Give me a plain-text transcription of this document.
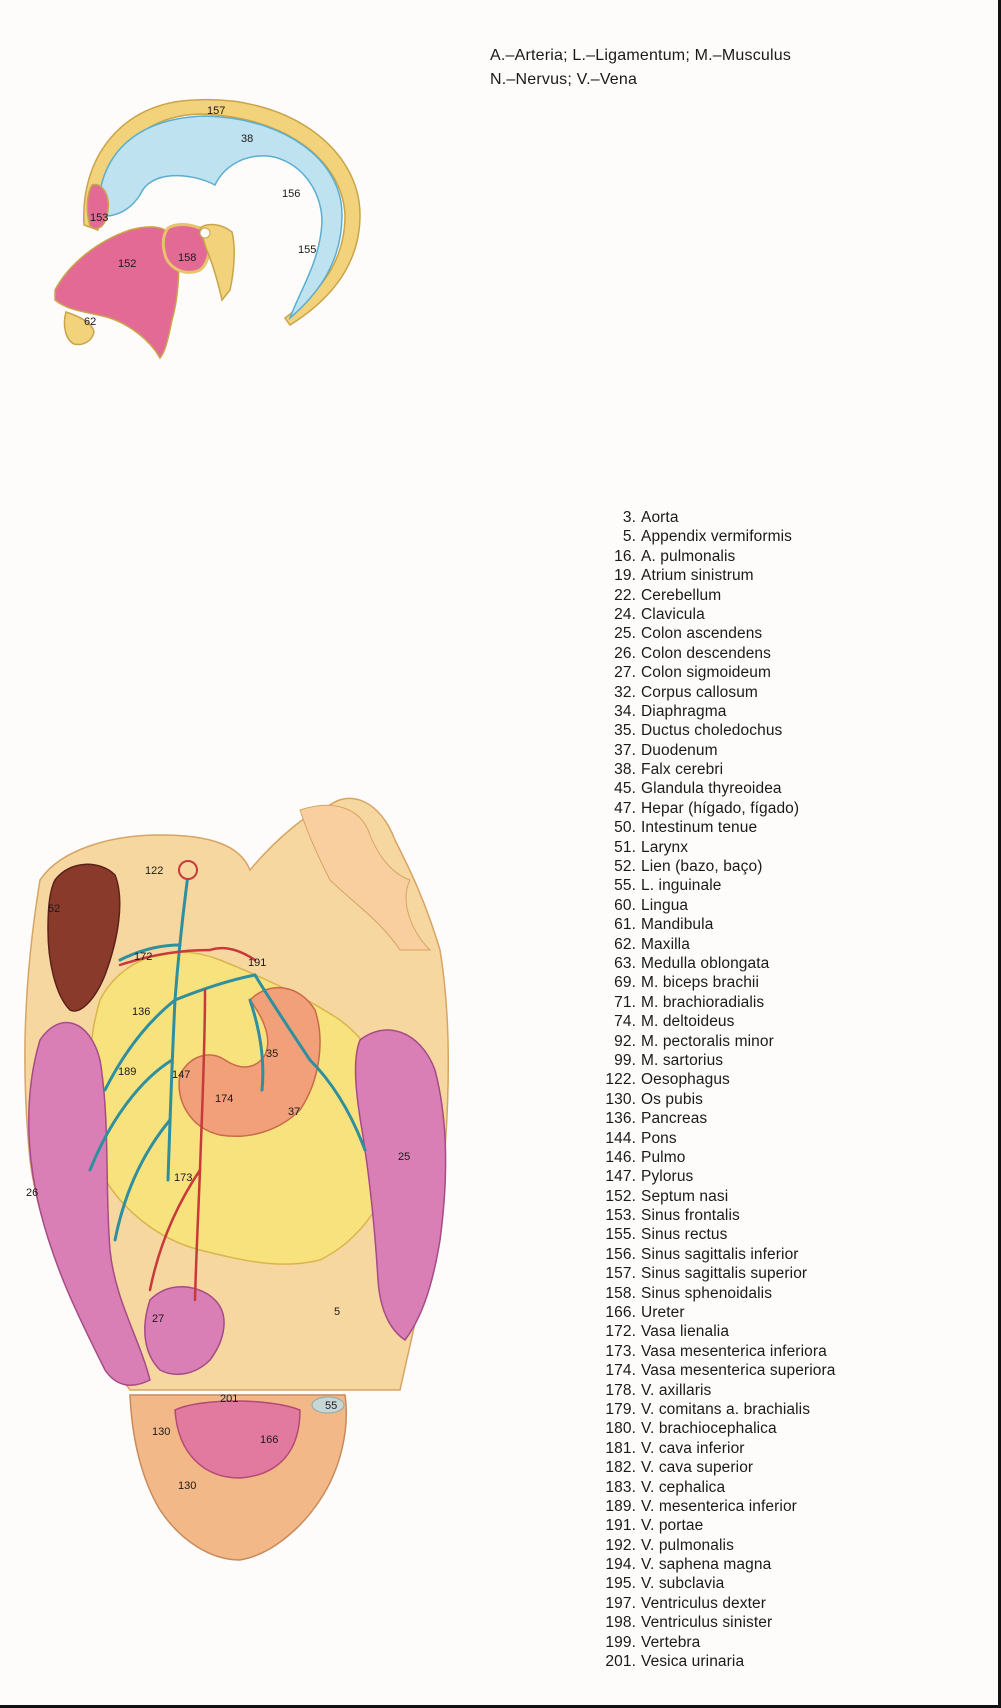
A.–Arteria; L.–Ligamentum; M.–Musculus
N.–Nervus; V.–Vena
157
38
156
155
153
152	158
62
122
52
172	191
136
35
189	147
174
37
25
26
173
5
27
201
55
130
166
130
3. Aorta
5. Appendix vermiformis
16. A. pulmonalis
19. Atrium sinistrum
22. Cerebellum
24. Clavicula
25. Colon ascendens
26. Colon descendens
27. Colon sigmoideum
32. Corpus callosum
34. Diaphragma
35. Ductus choledochus
37. Duodenum
38. Falx cerebri
45. Glandula thyreoidea
47. Hepar (hígado, fígado)
50. Intestinum tenue
51. Larynx
52. Lien (bazo, baço)
55. L. inguinale
60. Lingua
61. Mandibula
62. Maxilla
63. Medulla oblongata
69. M. biceps brachii
71. M. brachioradialis
74. M. deltoideus
92. M. pectoralis minor
99. M. sartorius
122. Oesophagus
130. Os pubis
136. Pancreas
144. Pons
146. Pulmo
147. Pylorus
152. Septum nasi
153. Sinus frontalis
155. Sinus rectus
156. Sinus sagittalis inferior
157. Sinus sagittalis superior
158. Sinus sphenoidalis
166. Ureter
172. Vasa lienalia
173. Vasa mesenterica inferiora
174. Vasa mesenterica superiora
178. V. axillaris
179. V. comitans a. brachialis
180. V. brachiocephalica
181. V. cava inferior
182. V. cava superior
183. V. cephalica
189. V. mesenterica inferior
191. V. portae
192. V. pulmonalis
194. V. saphena magna
195. V. subclavia
197. Ventriculus dexter
198. Ventriculus sinister
199. Vertebra
201. Vesica urinaria
